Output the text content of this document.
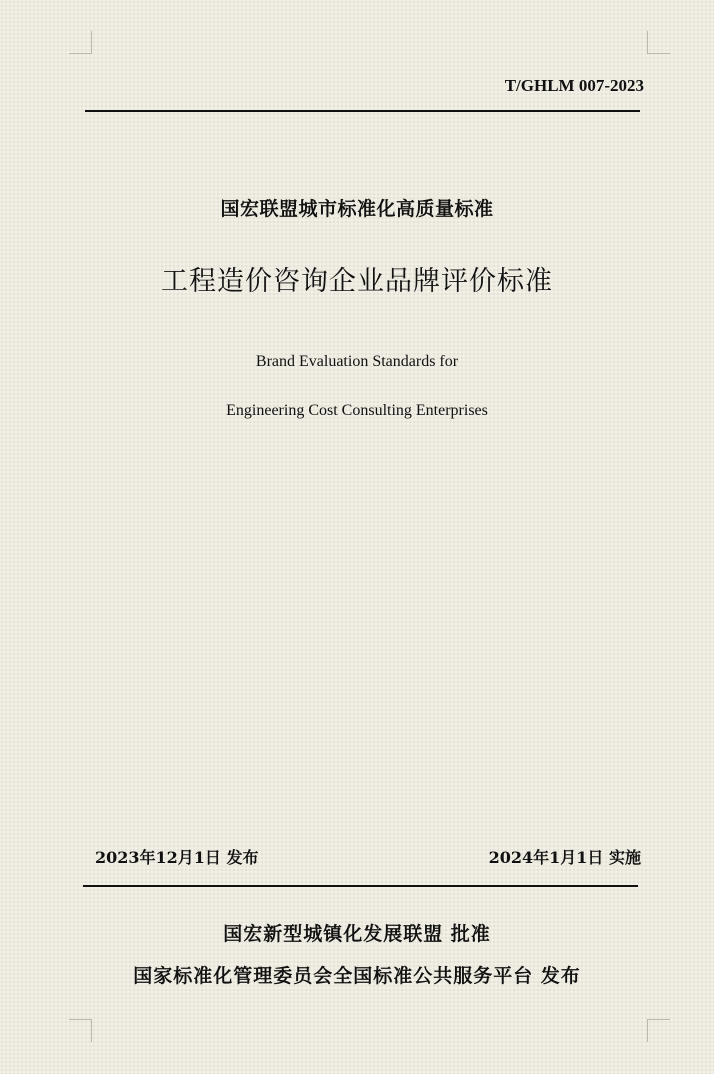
T/GHLM 007-2023
国宏联盟城市标准化高质量标准
工程造价咨询企业品牌评价标准
Brand Evaluation Standards for
Engineering Cost Consulting Enterprises
2023年12月1日 发布	2024年1月1日 实施
国宏新型城镇化发展联盟 批准
国家标准化管理委员会全国标准公共服务平台 发布
